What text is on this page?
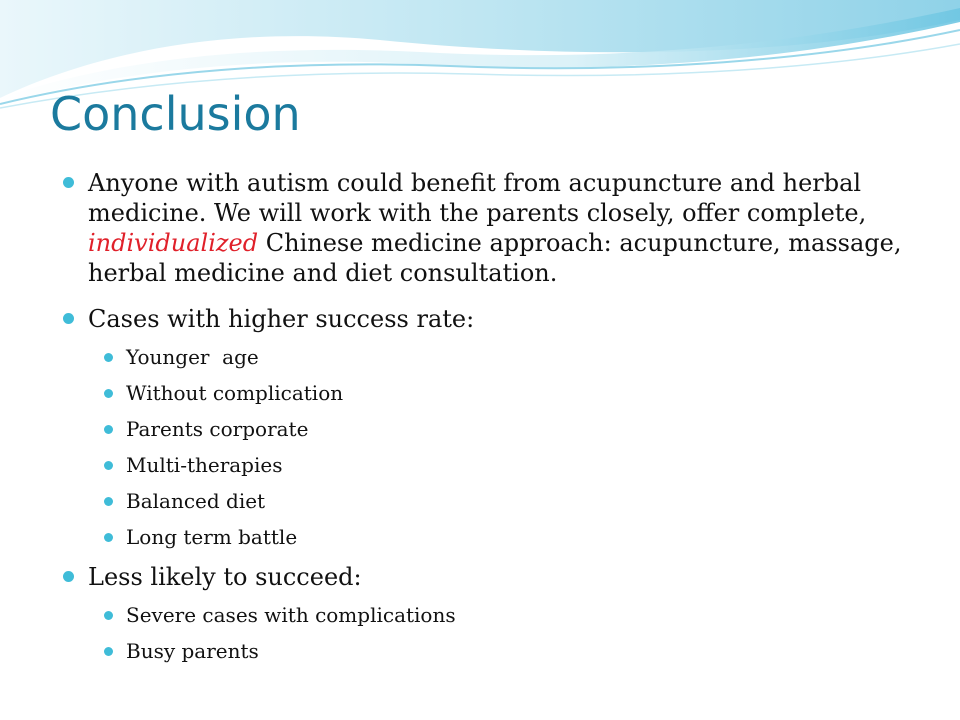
Conclusion
Anyone with autism could benefit from acupuncture and herbal medicine. We will work with the parents closely, offer complete, individualized Chinese medicine approach: acupuncture, massage, herbal medicine and diet consultation.
Cases with higher success rate:
Younger  age
Without complication
Parents corporate
Multi-therapies
Balanced diet
Long term battle
Less likely to succeed:
Severe cases with complications
Busy parents
